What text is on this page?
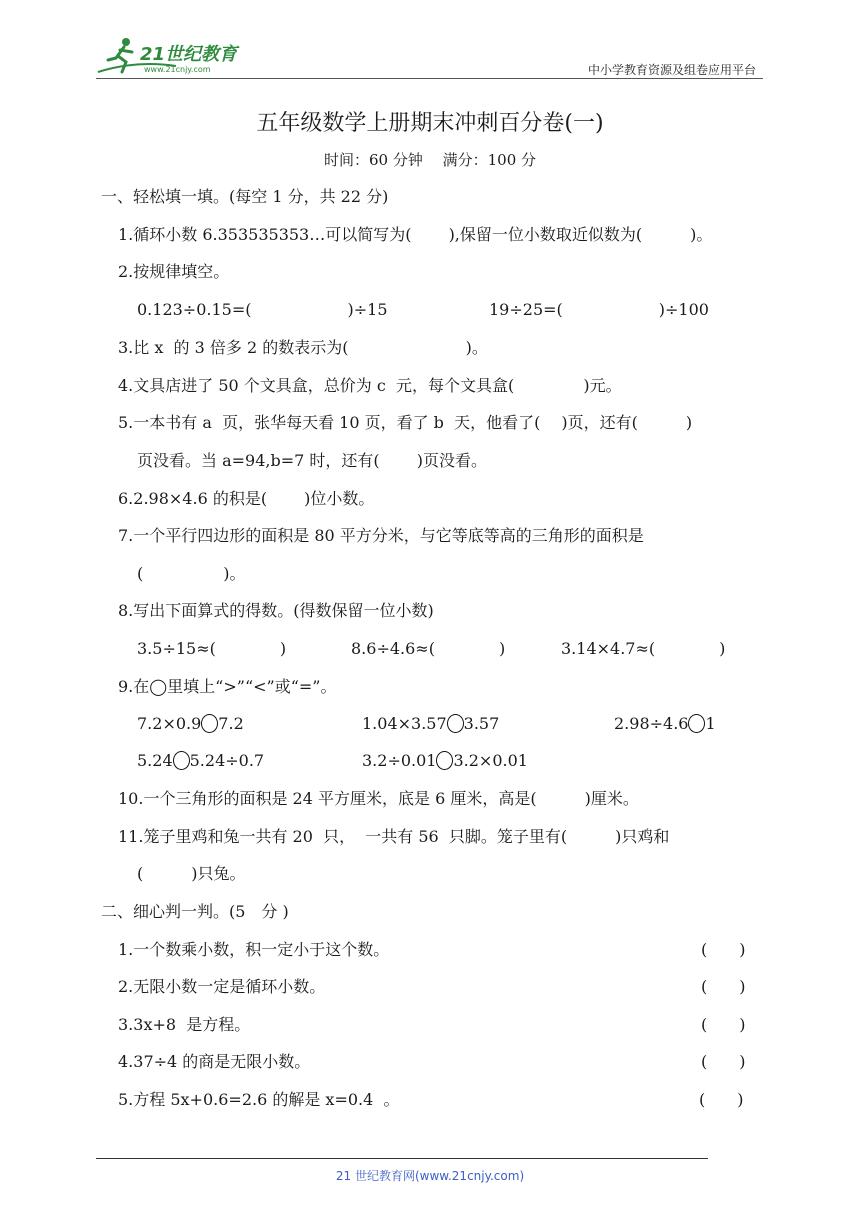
21世纪教育
www.21cnjy.com	中小学教育资源及组卷应用平台
五年级数学上册期末冲刺百分卷(一)
时间：60 分钟　 满分：100 分
一、轻松填一填。(每空 1 分，共 22 分)
1.循环小数 6.353535353…可以简写为(　　 ),保留一位小数取近似数为(　　　)。
2.按规律填空。
0.123÷0.15=(　　　　　　)÷15	19÷25=(　　　　　　)÷100
3.比 x  的 3 倍多 2 的数表示为(　　　　　　　 )。
4.文具店进了 50 个文具盒，总价为 c  元，每个文具盒(　　　　 )元。
5.一本书有 a  页，张华每天看 10 页，看了 b  天，他看了(　 )页，还有(　　　)
页没看。当 a=94,b=7 时，还有(　　 )页没看。
6.2.98×4.6 的积是(　　 )位小数。
7.一个平行四边形的面积是 80 平方分米，与它等底等高的三角形的面积是
(　　　　　)。
8.写出下面算式的得数。(得数保留一位小数)
3.5÷15≈(　　　　)	8.6÷4.6≈(　　　　)	3.14×4.7≈(　　　　)
9.在◯里填上“>”“<”或“=”。
7.2×0.9 7.2	1.04×3.57 3.57	2.98÷4.6 1
5.24 5.24÷0.7	3.2÷0.01 3.2×0.01
10.一个三角形的面积是 24 平方厘米，底是 6 厘米，高是(　　　)厘米。
11.笼子里鸡和兔一共有 20  只，  一共有 56  只脚。笼子里有(　　　)只鸡和
(　　　)只兔。
二、细心判一判。(5　分 )
1.一个数乘小数，积一定小于这个数。	(　　)
2.无限小数一定是循环小数。	(　　)
3.3x+8  是方程。	(　　)
4.37÷4 的商是无限小数。	(　　)
5.方程 5x+0.6=2.6 的解是 x=0.4  。	(　　)
21 世纪教育网(www.21cnjy.com)
